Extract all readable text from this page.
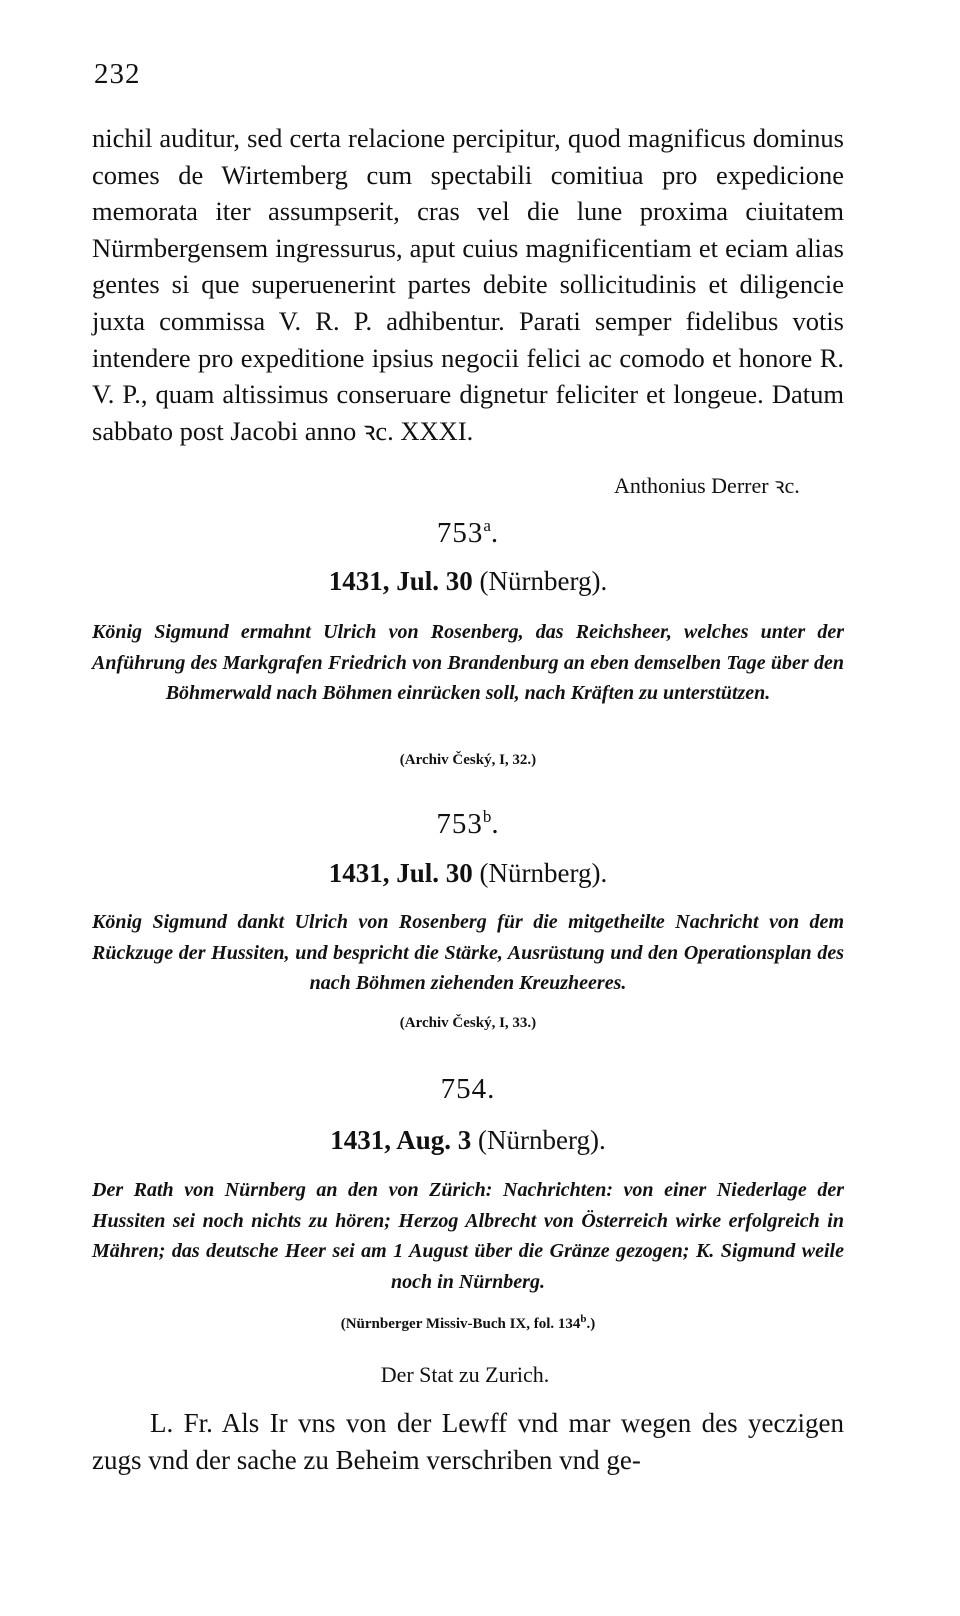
232

nichil auditur, sed certa relacione percipitur, quod magnificus dominus comes de Wirtemberg cum spectabili comitiua pro expedicione memorata iter assumpserit, cras vel die lune proxima ciuitatem Nürmbergensem ingressurus, aput cuius magnificentiam et eciam alias gentes si que superuenerint partes debite sollicitudinis et diligencie juxta commissa V. R. P. adhibentur. Parati semper fidelibus votis intendere pro expeditione ipsius negocii felici ac comodo et honore R. V. P., quam altissimus conseruare dignetur feliciter et longeue. Datum sabbato post Jacobi anno ꝛc. XXXI.

Anthonius Derrer ꝛc.
753$^a$.
1431, Jul. 30 (Nürnberg).

König Sigmund ermahnt Ulrich von Rosenberg, das Reichsheer, welches unter der Anführung des Markgrafen Friedrich von Brandenburg an eben demselben Tage über den Böhmerwald nach Böhmen einrücken soll, nach Kräften zu unterstützen.

(Archiv Český, I, 32.)
753$^b$.
1431, Jul. 30 (Nürnberg).

König Sigmund dankt Ulrich von Rosenberg für die mitgetheilte Nachricht von dem Rückzuge der Hussiten, und bespricht die Stärke, Ausrüstung und den Operationsplan des nach Böhmen ziehenden Kreuzheeres.

(Archiv Český, I, 33.)
754.
1431, Aug. 3 (Nürnberg).

Der Rath von Nürnberg an den von Zürich: Nachrichten: von einer Niederlage der Hussiten sei noch nichts zu hören; Herzog Albrecht von Österreich wirke erfolgreich in Mähren; das deutsche Heer sei am 1 August über die Gränze gezogen; K. Sigmund weile noch in Nürnberg.

(Nürnberger Missiv-Buch IX, fol. 134$^b$.)
Der Stat zu Zurich.

L. Fr. Als Ir vns von der Lewff vnd mar wegen des yeczigen zugs vnd der sache zu Beheim verschriben vnd ge-
